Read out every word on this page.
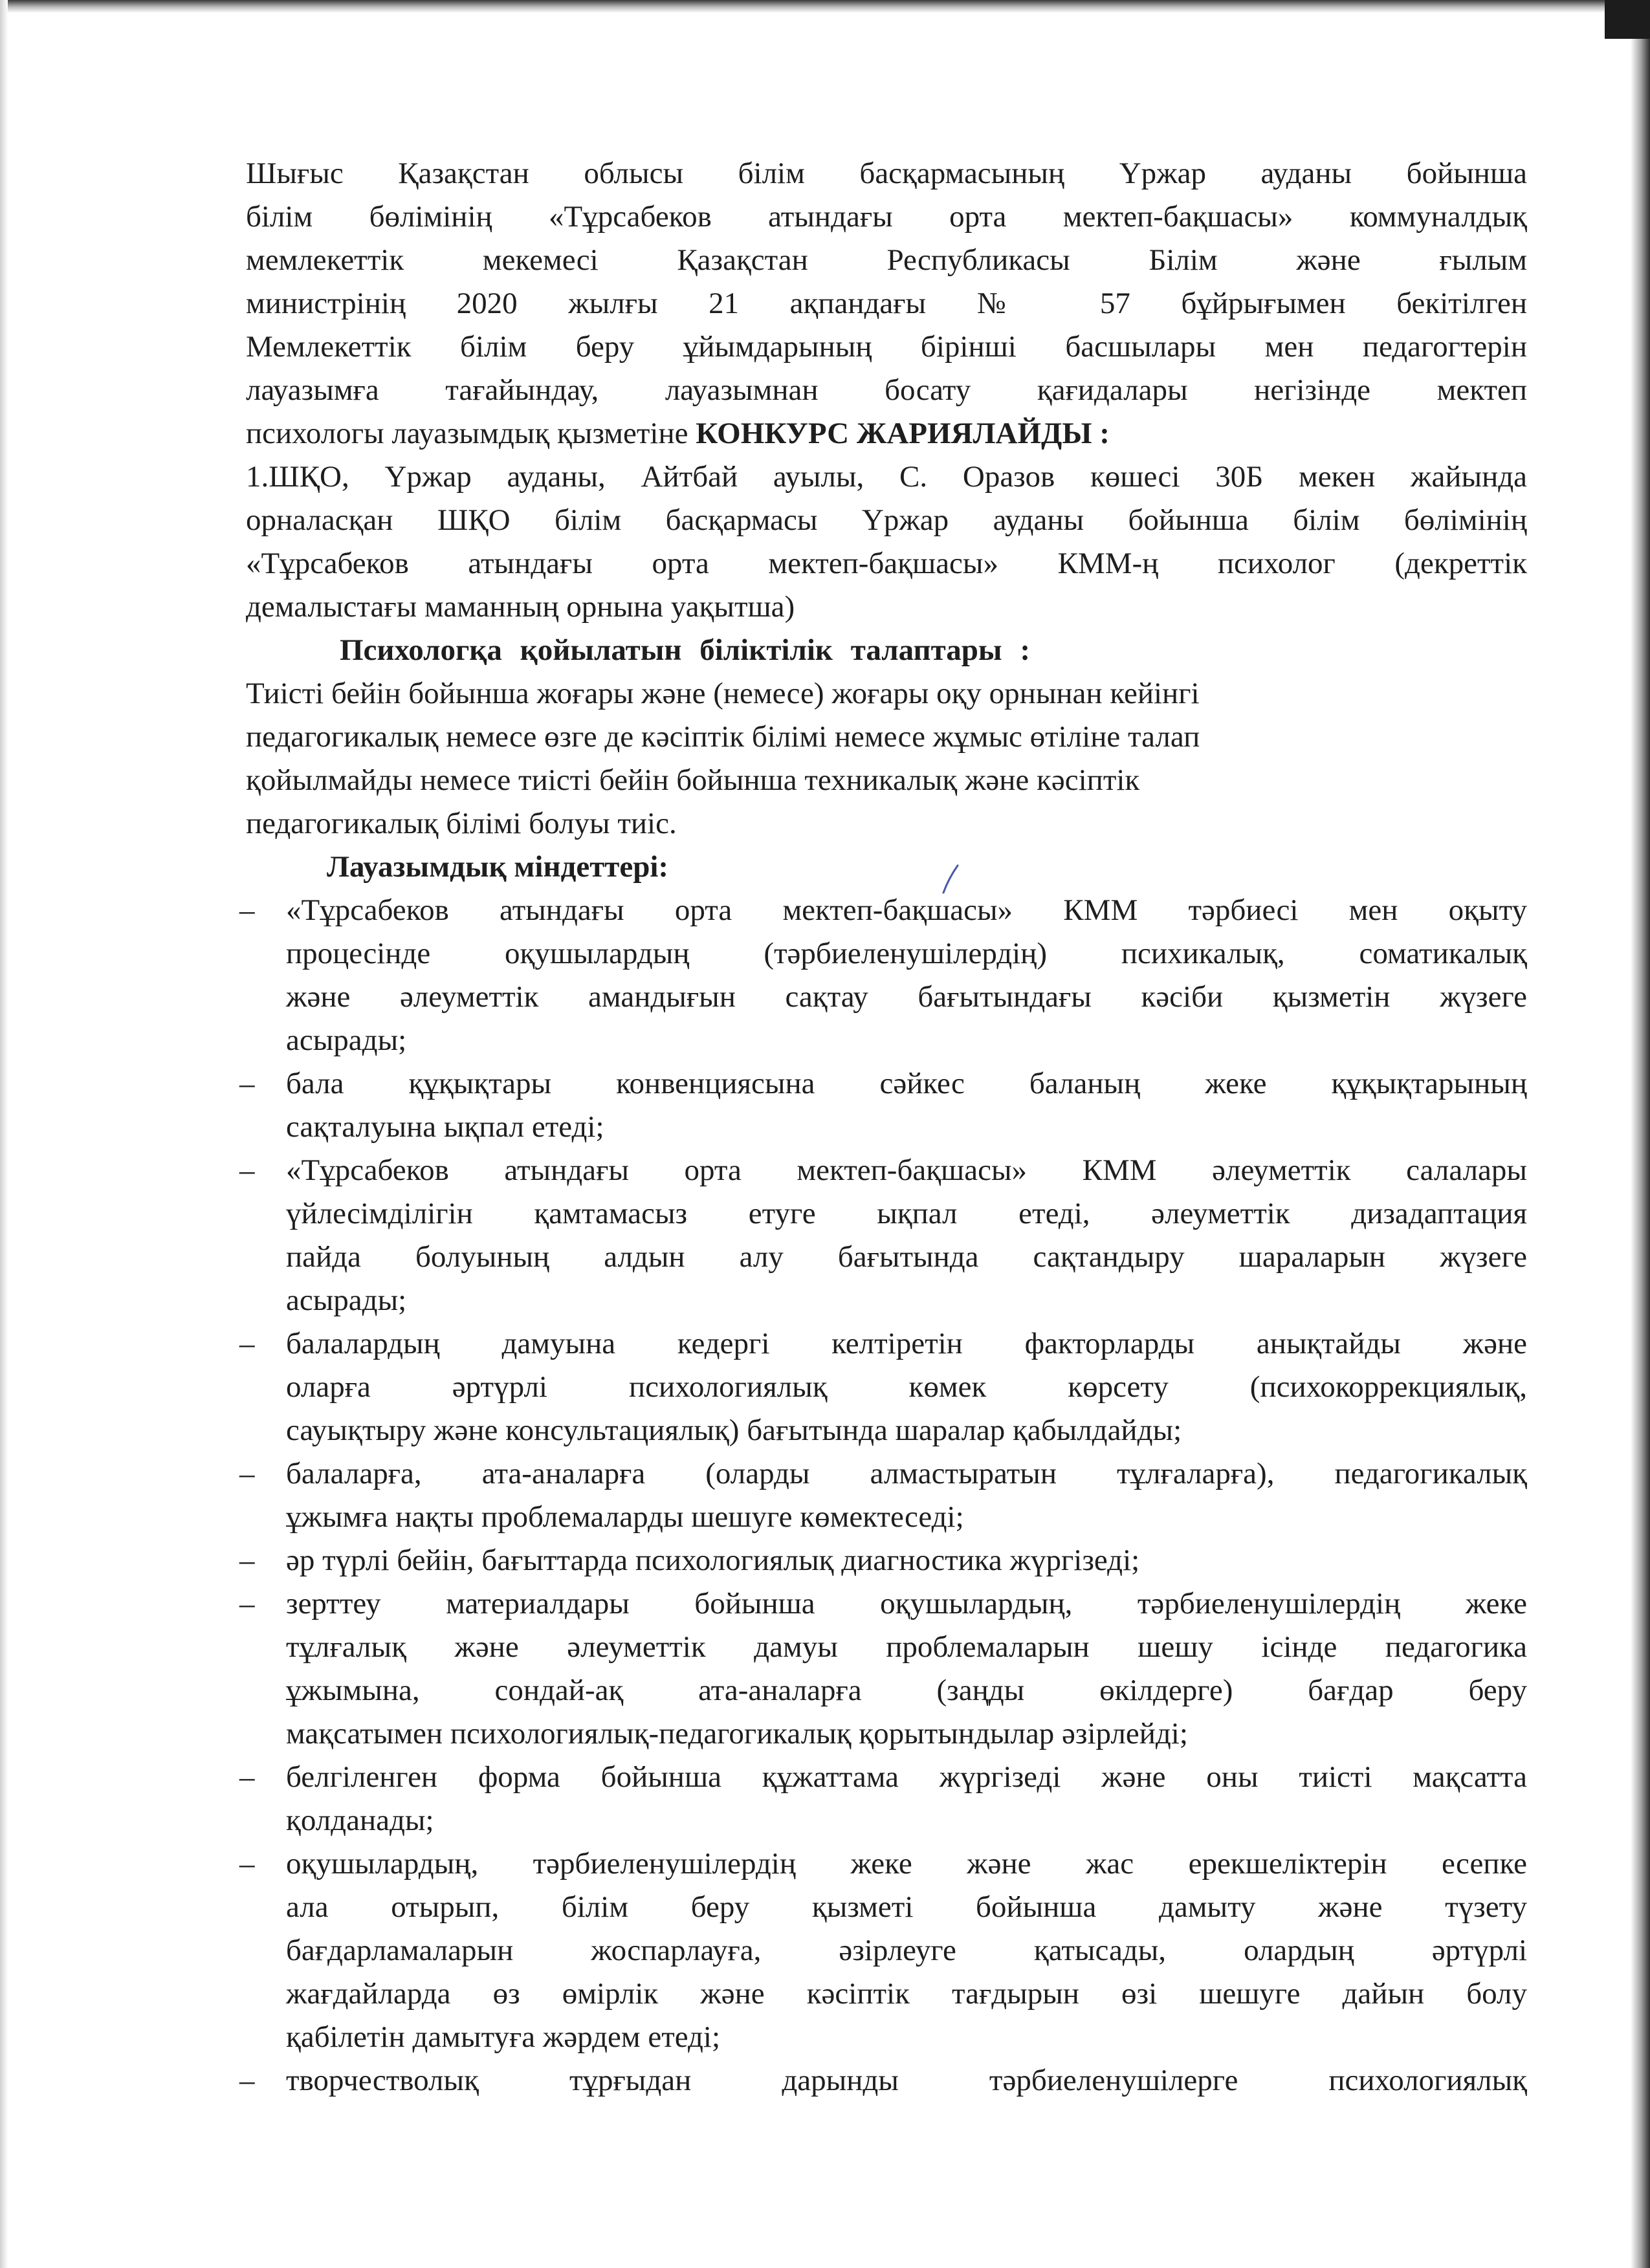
Шығыс Қазақстан облысы білім басқармасының Үржар ауданы бойынша

білім бөлімінің «Тұрсабеков атындағы орта мектеп-бақшасы» коммуналдық

мемлекеттік мекемесі Қазақстан Республикасы Білім және ғылым

министрінің 2020 жылғы 21 ақпандағы № 57 бұйрығымен бекітілген

Мемлекеттік білім беру ұйымдарының бірінші басшылары мен педагогтерін

лауазымға тағайындау, лауазымнан босату қағидалары негізінде мектеп

психологы лауазымдық қызметіне КОНКУРС ЖАРИЯЛАЙДЫ :

1.ШҚО, Үржар ауданы, Айтбай ауылы, С. Оразов көшесі 30Б мекен жайында

орналасқан ШҚО білім басқармасы Үржар ауданы бойынша білім бөлімінің

«Тұрсабеков атындағы орта мектеп-бақшасы» КММ-ң психолог (декреттік

демалыстағы маманның орнына уақытша)

Психологқа қойылатын біліктілік талаптары :

Тиісті бейін бойынша жоғары және (немесе) жоғары оқу орнынан кейінгі

педагогикалық немесе өзге де кәсіптік білімі немесе жұмыс өтіліне талап

қойылмайды немесе тиісті бейін бойынша техникалық және кәсіптік

педагогикалық білімі болуы тиіс.

Лауазымдық міндеттері:

– «Тұрсабеков атындағы орта мектеп-бақшасы» КММ тәрбиесі мен оқыту

процесінде оқушылардың (тәрбиеленушілердің) психикалық, соматикалық

және әлеуметтік амандығын сақтау бағытындағы кәсіби қызметін жүзеге

асырады;

– бала құқықтары конвенциясына сәйкес баланың жеке құқықтарының

сақталуына ықпал етеді;

– «Тұрсабеков атындағы орта мектеп-бақшасы» КММ әлеуметтік салалары

үйлесімділігін қамтамасыз етуге ықпал етеді, әлеуметтік дизадаптация

пайда болуының алдын алу бағытында сақтандыру шараларын жүзеге

асырады;

– балалардың дамуына кедергі келтіретін факторларды анықтайды және

оларға әртүрлі психологиялық көмек көрсету (психокоррекциялық,

сауықтыру және консультациялық) бағытында шаралар қабылдайды;

– балаларға, ата-аналарға (оларды алмастыратын тұлғаларға), педагогикалық

ұжымға нақты проблемаларды шешуге көмектеседі;

– әр түрлі бейін, бағыттарда психологиялық диагностика жүргізеді;

– зерттеу материалдары бойынша оқушылардың, тәрбиеленушілердің жеке

тұлғалық және әлеуметтік дамуы проблемаларын шешу ісінде педагогика

ұжымына, сондай-ақ ата-аналарға (заңды өкілдерге) бағдар беру

мақсатымен психологиялық-педагогикалық қорытындылар әзірлейді;

– белгіленген форма бойынша құжаттама жүргізеді және оны тиісті мақсатта

қолданады;

– оқушылардың, тәрбиеленушілердің жеке және жас ерекшеліктерін есепке

ала отырып, білім беру қызметі бойынша дамыту және түзету

бағдарламаларын жоспарлауға, әзірлеуге қатысады, олардың әртүрлі

жағдайларда өз өмірлік және кәсіптік тағдырын өзі шешуге дайын болу

қабілетін дамытуға жәрдем етеді;

– творчестволық тұрғыдан дарынды тәрбиеленушілерге психологиялық
